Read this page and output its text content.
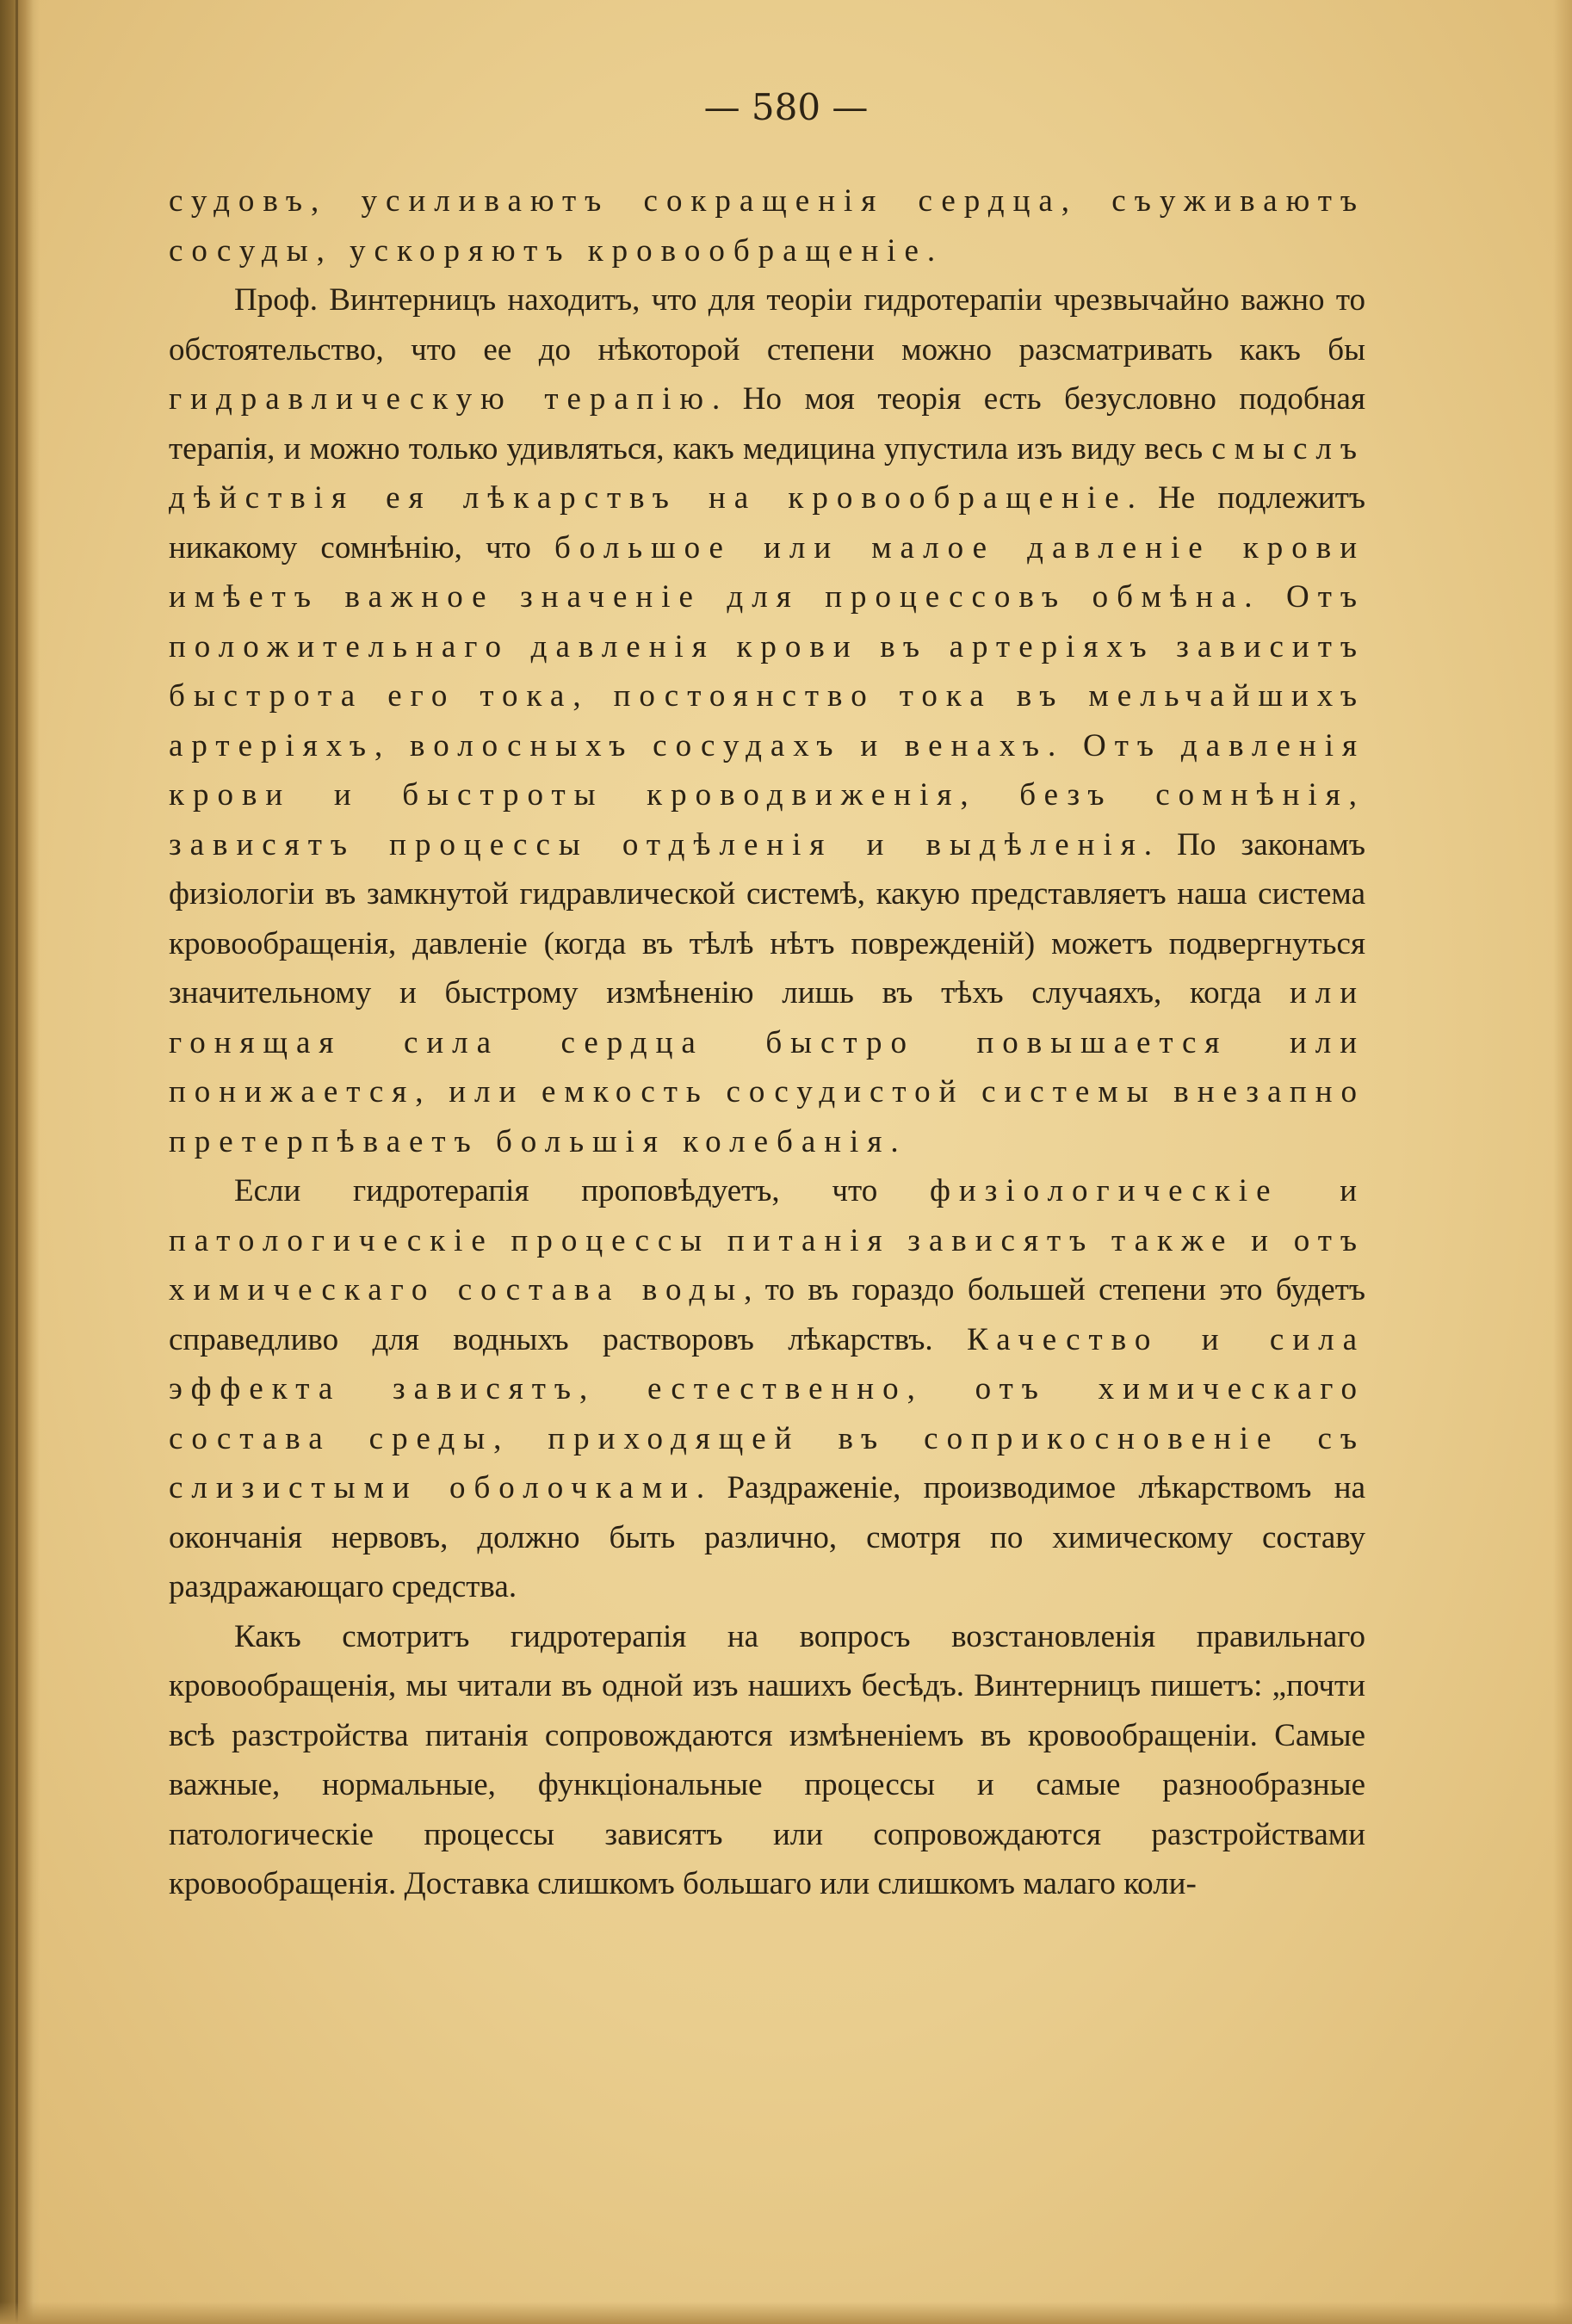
— 580 —

судовъ, усиливаютъ сокращенія сердца, съуживаютъ сосуды, ускоряютъ кровообращеніе.

Проф. Винтерницъ находитъ, что для теоріи гидротерапіи чрезвычайно важно то обстоятельство, что ее до нѣкоторой степени можно разсматривать какъ бы гидравлическую терапію. Но моя теорія есть безусловно подобная терапія, и можно только удивляться, какъ медицина упустила изъ виду весь смыслъ дѣйствія ея лѣкарствъ на кровообращеніе. Не подлежитъ никакому сомнѣнію, что большое или малое давленіе крови имѣетъ важное значеніе для процессовъ обмѣна. Отъ положительнаго давленія крови въ артеріяхъ зависитъ быстрота его тока, постоянство тока въ мельчайшихъ артеріяхъ, волосныхъ сосудахъ и венахъ. Отъ давленія крови и быстроты кроводвиженія, безъ сомнѣнія, зависятъ процессы отдѣленія и выдѣленія. По законамъ физіологіи въ замкнутой гидравлической системѣ, какую представляетъ наша система кровообращенія, давленіе (когда въ тѣлѣ нѣтъ поврежденій) можетъ подвергнуться значительному и быстрому измѣненію лишь въ тѣхъ случаяхъ, когда или гонящая сила сердца быстро повышается или понижается, или емкость сосудистой системы внезапно претерпѣваетъ большія колебанія.

Если гидротерапія проповѣдуетъ, что физіологическіе и патологическіе процессы питанія зависятъ также и отъ химическаго состава воды, то въ гораздо большей степени это будетъ справедливо для водныхъ растворовъ лѣкарствъ. Качество и сила эффекта зависятъ, естественно, отъ химическаго состава среды, приходящей въ соприкосновеніе съ слизистыми оболочками. Раздраженіе, производимое лѣкарствомъ на окончанія нервовъ, должно быть различно, смотря по химическому составу раздражающаго средства.

Какъ смотритъ гидротерапія на вопросъ возстановленія правильнаго кровообращенія, мы читали въ одной изъ нашихъ бесѣдъ. Винтерницъ пишетъ: „почти всѣ разстройства питанія сопровождаются измѣненіемъ въ кровообращеніи. Самые важные, нормальные, функціональные процессы и самые разнообразные патологическіе процессы зависятъ или сопровождаются разстройствами кровообращенія. Доставка слишкомъ большаго или слишкомъ малаго коли-
